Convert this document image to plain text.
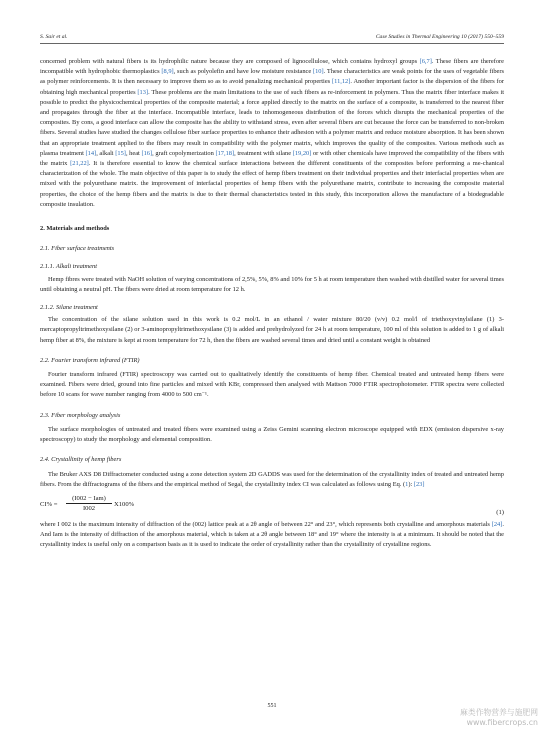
S. Sair et al.	Case Studies in Thermal Engineering 10 (2017) 550–559

concerned problem with natural fibers is its hydrophilic nature because they are composed of lignocellulose, which contains hydroxyl groups [6,7]. These fibers are therefore incompatible with hydrophobic thermoplastics [8,9], such as polyolefin and have low moisture resistance [10]. These characteristics are weak points for the uses of vegetable fibers as polymer reinforcements. It is then necessary to improve them so as to avoid penalizing mechanical properties [11,12]. Another important factor is the dispersion of the fibers for obtaining high mechanical properties [13]. These problems are the main limitations to the use of such fibers as re-inforcement in polymers. Thus the matrix fiber interface makes it possible to predict the physicochemical properties of the composite material; a force applied directly to the matrix on the surface of a composite, is transferred to the nearest fiber and propagates through the fiber at the interface. Incompatible interface, leads to inhomogeneous distribution of the forces which disrupts the mechanical properties of the composites. By cons, a good interface can allow the composite has the ability to withstand stress, even after several fibers are cut because the force can be transferred to non-broken fibers. Several studies have studied the changes cellulose fiber surface properties to enhance their adhesion with a polymer matrix and reduce moisture absorption. It has been shown that an appropriate treatment applied to the fibers may result in compatibility with the polymer matrix, which improves the quality of the composites. Various methods such as plasma treatment [14], alkali [15], heat [16], graft copolymerization [17,18], treatment with silane [19,20] or with other chemicals have improved the compatibility of the fibers with the matrix [21,22]. It is therefore essential to know the chemical surface interactions between the different constituents of the composites before performing a me-chanical characterization of the whole. The main objective of this paper is to study the effect of hemp fibers treatment on their individual properties and their interfacial properties when are mixed with the polyurethane matrix. the improvement of interfacial properties of hemp fibers with the polyurethane matrix, contribute to increasing the composite material properties, the choice of the hemp fibers and the matrix is due to their thermal characteristics tested in this study, this incorporation allows the manufacture of a biodegradable composite insulation.

2. Materials and methods
2.1. Fiber surface treatments
2.1.1. Alkali treatment

Hemp fibres were treated with NaOH solution of varying concentrations of 2,5%, 5%, 8% and 10% for 5 h at room temperature then washed with distilled water for several times until obtaining a neutral pH. The fibers were dried at room temperature for 12 h.

2.1.2. Silane treatment

The concentration of the silane solution used in this work is 0.2 mol/L in an ethanol / water mixture 80/20 (v/v) 0.2 mol/l of triethoxyvinylsilane (1) 3-mercaptopropyltrimethoxysilane (2) or 3-aminopropyltrimethoxysilane (3) is added and prehydrolyzed for 24 h at room temperature, 100 ml of this solution is added to 1 g of alkali hemp fiber at 8%, the mixture is kept at room temperature for 72 h, then the fibers are washed several times and dried until a constant weight is obtained

2.2. Fourier transform infrared (FTIR)

Fourier transform infrared (FTIR) spectroscopy was carried out to qualitatively identify the constituents of hemp fiber. Chemical treated and untreated hemp fibers were examined. Fibers were dried, ground into fine particles and mixed with KBr, compressed then analysed with Mattson 7000 FTIR spectrophotometer. FTIR spectra were collected before 10 scans for wave number ranging from 4000 to 500 cm⁻¹.

2.3. Fiber morphology analysis

The surface morphologies of untreated and treated fibers were examined using a Zeiss Gemini scanning electron microscope equipped with EDX (emission dispersive x-ray spectroscopy) to study the morphology and elemental composition.

2.4. Crystallinity of hemp fibers

The Bruker AXS D8 Diffractometer conducted using a zone detection system 2D GADDS was used for the determination of the crystallinity index of treated and untreated hemp fibers. From the diffractograms of the fibers and the empirical method of Segal, the crystallinity index CI was calculated as follows using Eq. (1): [23]

CI% =
(I002 − Iam)
I002
X100%
(1)

where I 002 is the maximum intensity of diffraction of the (002) lattice peak at a 2θ angle of between 22° and 23°, which represents both crystalline and amorphous materials [24]. And Iam is the intensity of diffraction of the amorphous material, which is taken at a 2θ angle between 18° and 19° where the intensity is at a minimum. It should be noted that the crystallinity index is useful only on a comparison basis as it is used to indicate the order of crystallinity rather than the crystallinity of crystalline regions.

551
麻类作物营养与施肥网
www.fibercrops.cn
